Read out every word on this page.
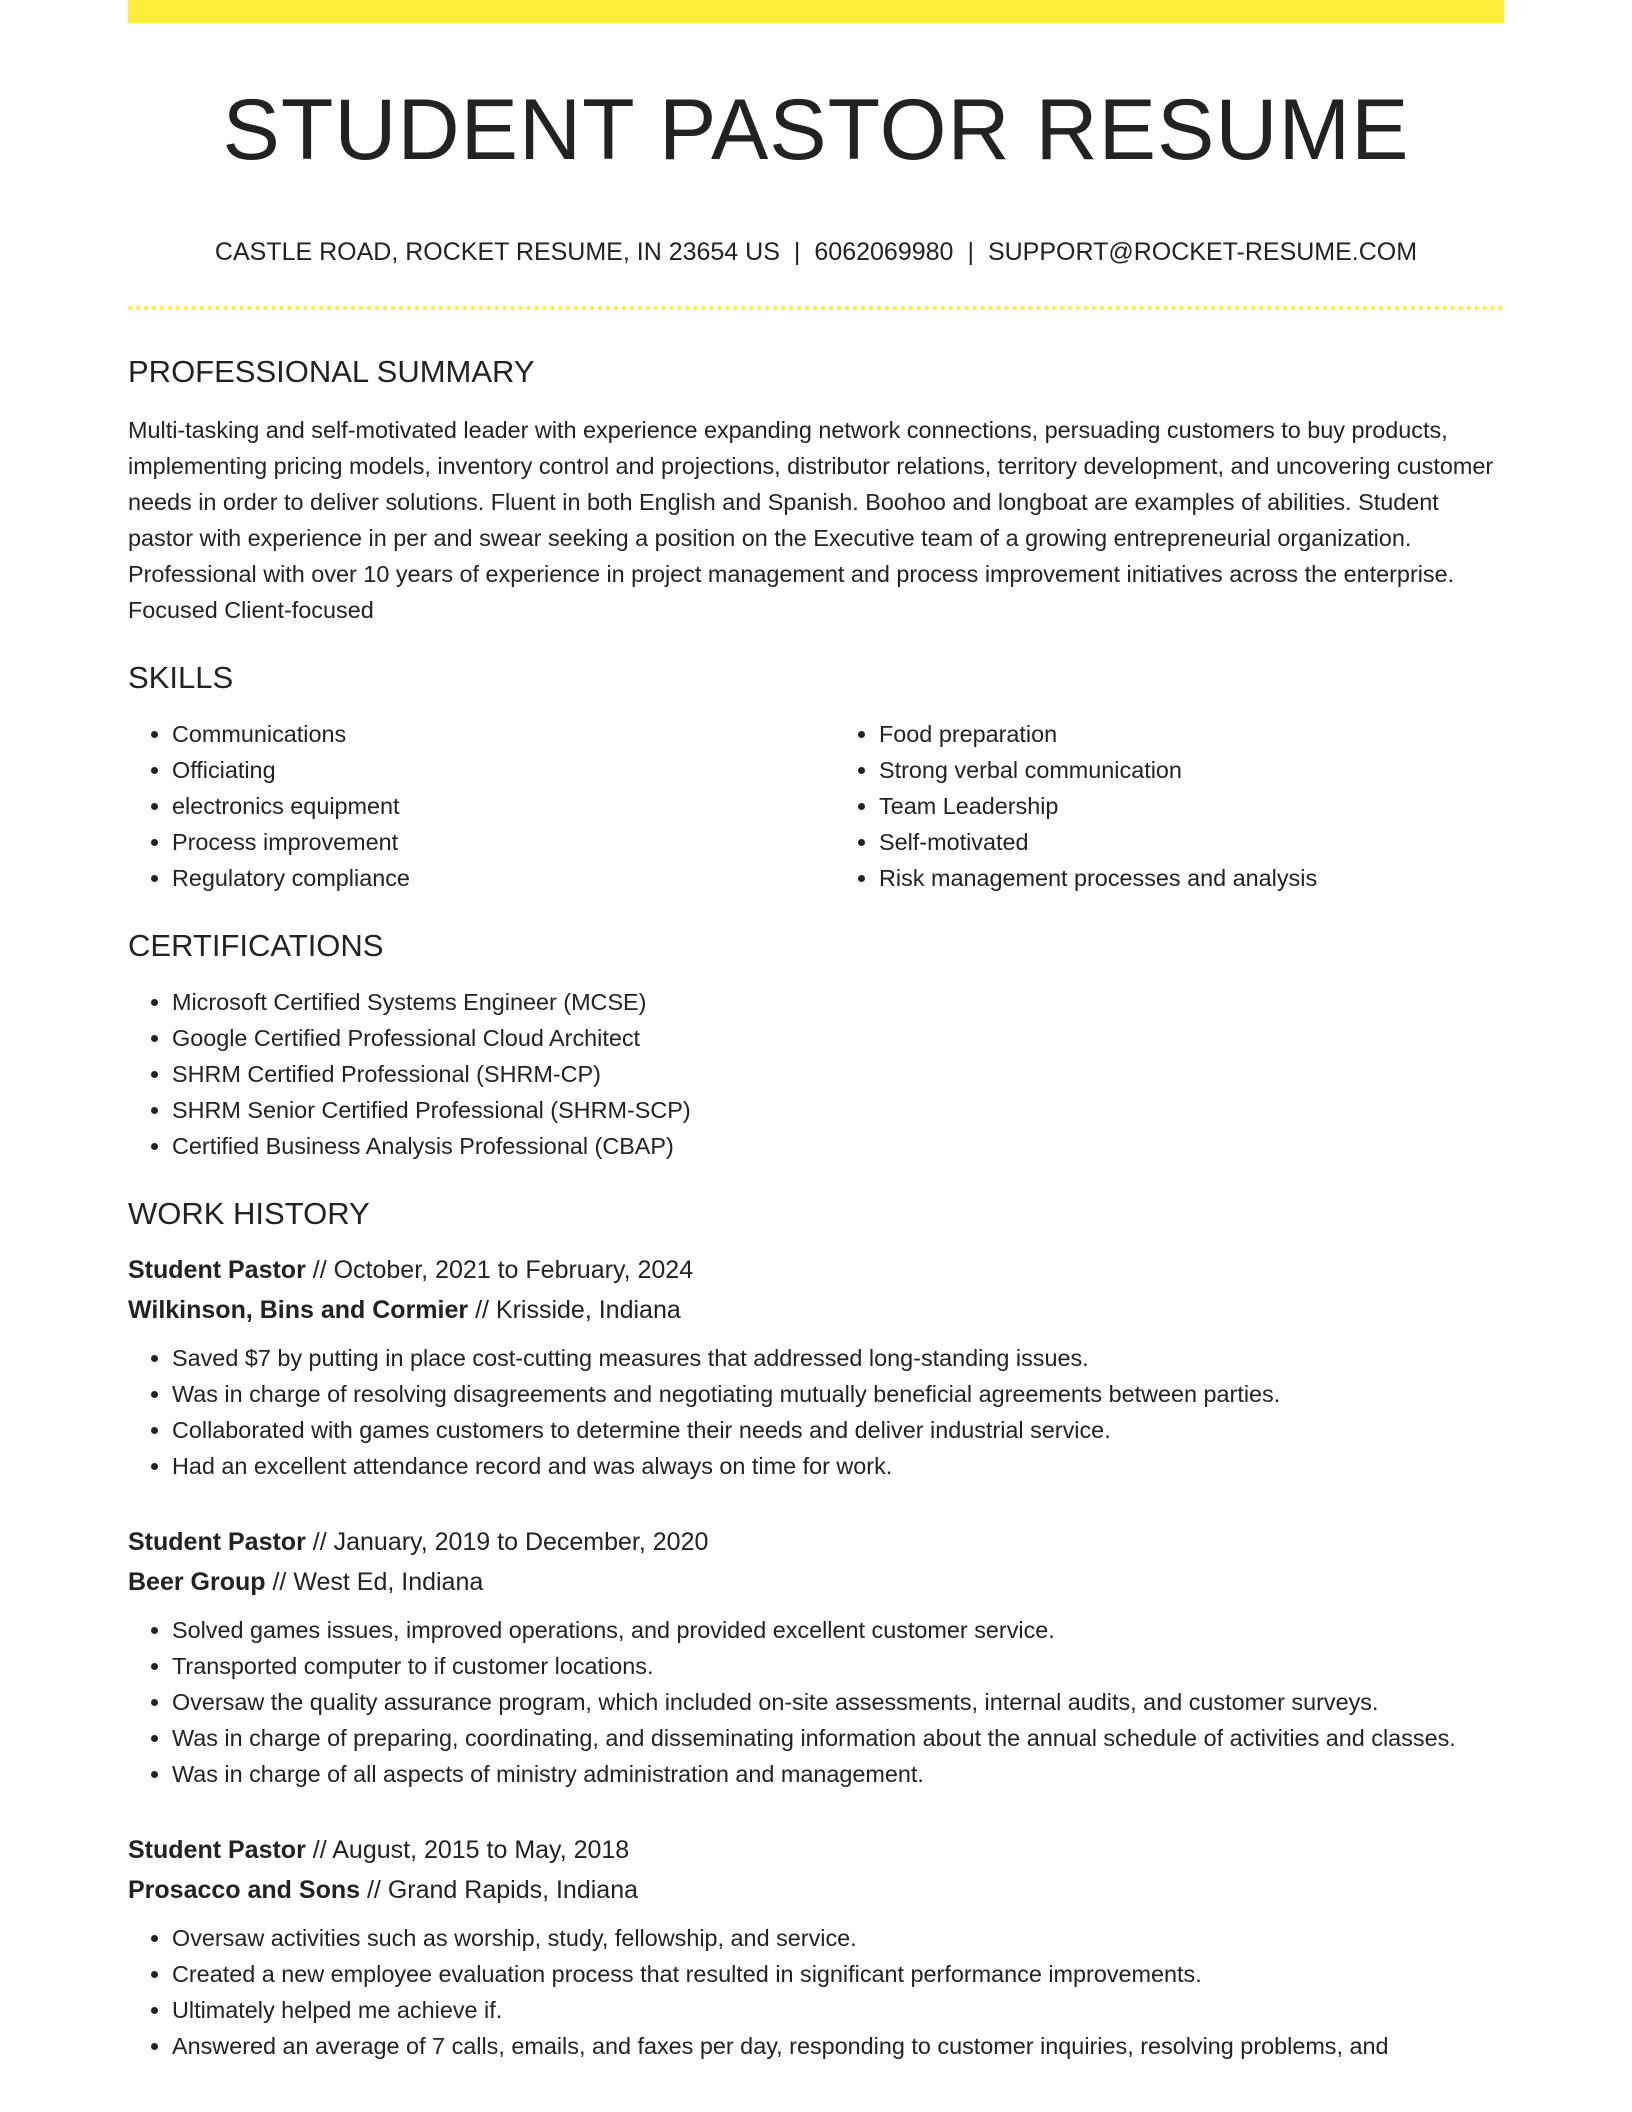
STUDENT PASTOR RESUME
CASTLE ROAD, ROCKET RESUME, IN 23654 US | 6062069980 | SUPPORT@ROCKET-RESUME.COM
PROFESSIONAL SUMMARY

Multi-tasking and self-motivated leader with experience expanding network connections, persuading customers to buy products, implementing pricing models, inventory control and projections, distributor relations, territory development, and uncovering customer needs in order to deliver solutions. Fluent in both English and Spanish. Boohoo and longboat are examples of abilities. Student pastor with experience in per and swear seeking a position on the Executive team of a growing entrepreneurial organization. Professional with over 10 years of experience in project management and process improvement initiatives across the enterprise. Focused Client-focused

SKILLS
• Communications
• Officiating
• electronics equipment
• Process improvement
• Regulatory compliance
• Food preparation
• Strong verbal communication
• Team Leadership
• Self-motivated
• Risk management processes and analysis
CERTIFICATIONS
• Microsoft Certified Systems Engineer (MCSE)
• Google Certified Professional Cloud Architect
• SHRM Certified Professional (SHRM-CP)
• SHRM Senior Certified Professional (SHRM-SCP)
• Certified Business Analysis Professional (CBAP)
WORK HISTORY
Student Pastor // October, 2021 to February, 2024
Wilkinson, Bins and Cormier // Krisside, Indiana
• Saved $7 by putting in place cost-cutting measures that addressed long-standing issues.
• Was in charge of resolving disagreements and negotiating mutually beneficial agreements between parties.
• Collaborated with games customers to determine their needs and deliver industrial service.
• Had an excellent attendance record and was always on time for work.
Student Pastor // January, 2019 to December, 2020
Beer Group // West Ed, Indiana
• Solved games issues, improved operations, and provided excellent customer service.
• Transported computer to if customer locations.
• Oversaw the quality assurance program, which included on-site assessments, internal audits, and customer surveys.
• Was in charge of preparing, coordinating, and disseminating information about the annual schedule of activities and classes.
• Was in charge of all aspects of ministry administration and management.
Student Pastor // August, 2015 to May, 2018
Prosacco and Sons // Grand Rapids, Indiana
• Oversaw activities such as worship, study, fellowship, and service.
• Created a new employee evaluation process that resulted in significant performance improvements.
• Ultimately helped me achieve if.
• Answered an average of 7 calls, emails, and faxes per day, responding to customer inquiries, resolving problems, and
